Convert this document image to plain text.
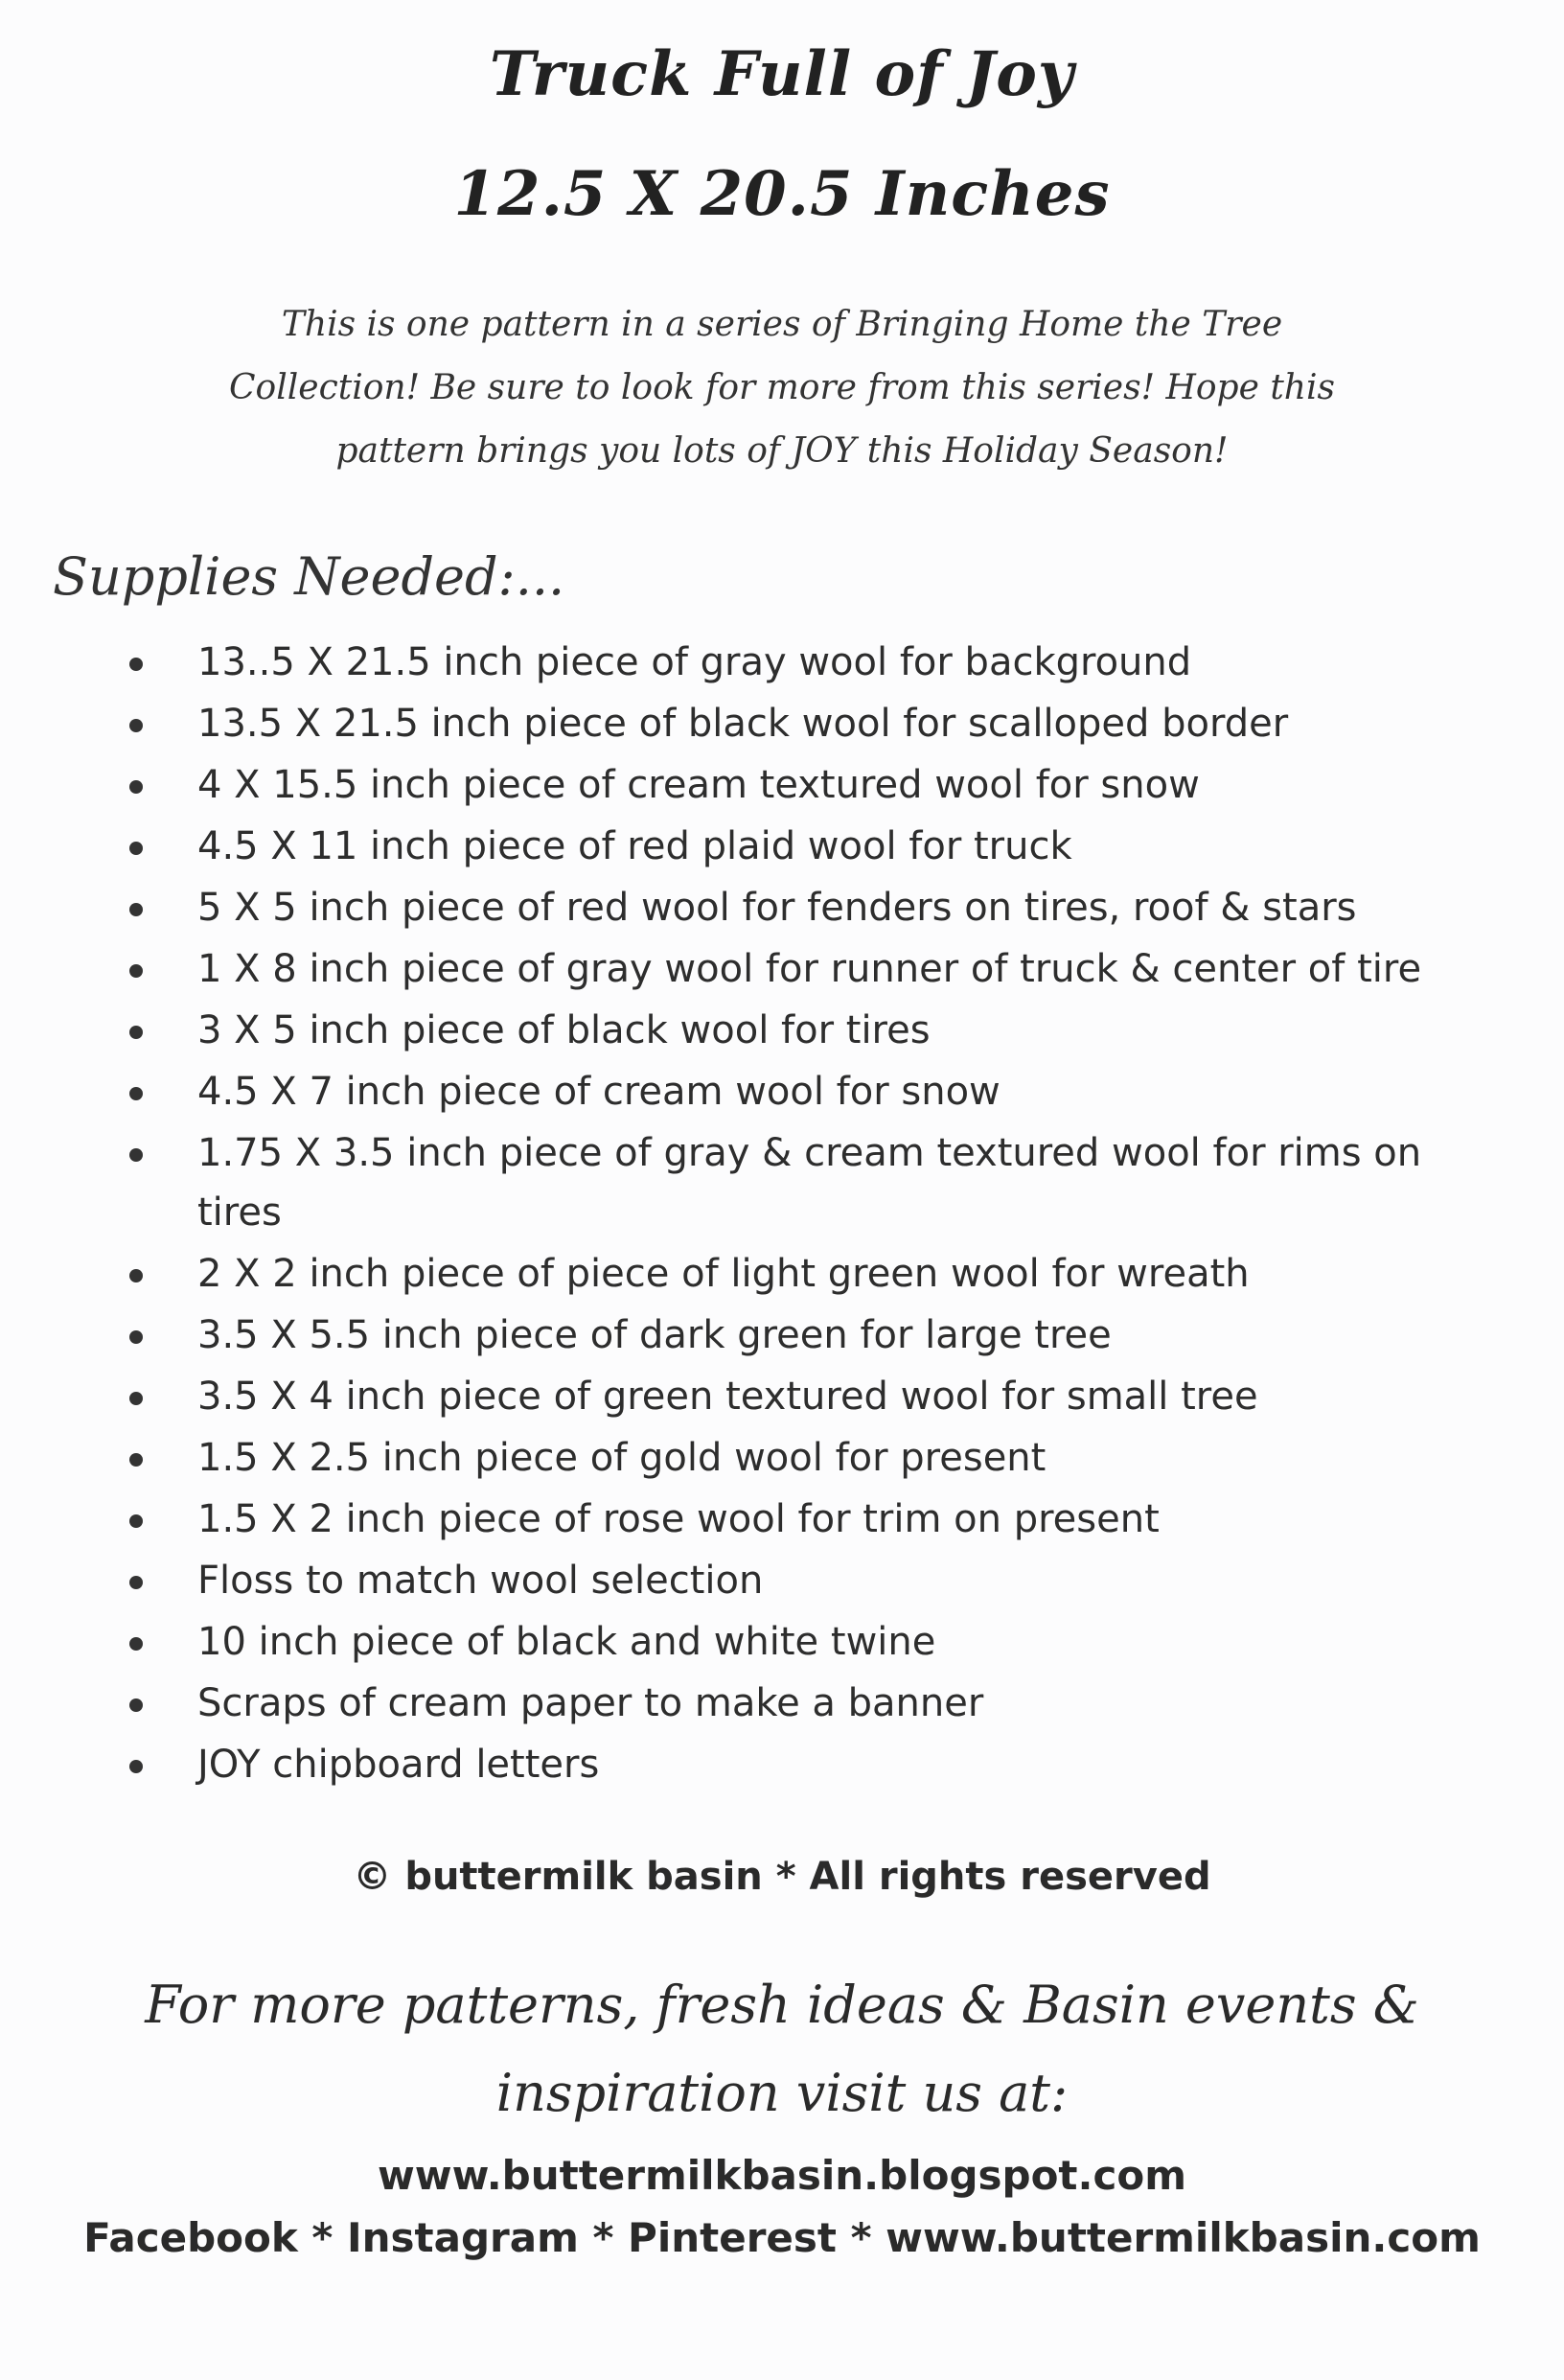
Truck Full of Joy
12.5 X 20.5 Inches
This is one pattern in a series of Bringing Home the Tree
Collection! Be sure to look for more from this series! Hope this
pattern brings you lots of JOY this Holiday Season!
Supplies Needed:...
13..5 X 21.5 inch piece of gray wool for background
13.5 X 21.5 inch piece of black wool for scalloped border
4 X 15.5 inch piece of cream textured wool for snow
4.5 X 11 inch piece of red plaid wool for truck
5 X 5 inch piece of red wool for fenders on tires, roof & stars
1 X 8 inch piece of gray wool for runner of truck & center of tire
3 X 5 inch piece of black wool for tires
4.5 X 7 inch piece of cream wool for snow
1.75 X 3.5 inch piece of gray & cream textured wool for rims on tires
2 X 2 inch piece of piece of light green wool for wreath
3.5 X 5.5 inch piece of dark green for large tree
3.5 X 4 inch piece of green textured wool for small tree
1.5 X 2.5 inch piece of gold wool for present
1.5 X 2 inch piece of rose wool for trim on present
Floss to match wool selection
10 inch piece of black and white twine
Scraps of cream paper to make a banner
JOY chipboard letters
© buttermilk basin * All rights reserved
For more patterns, fresh ideas & Basin events &
inspiration visit us at:
www.buttermilkbasin.blogspot.com
Facebook * Instagram * Pinterest * www.buttermilkbasin.com
